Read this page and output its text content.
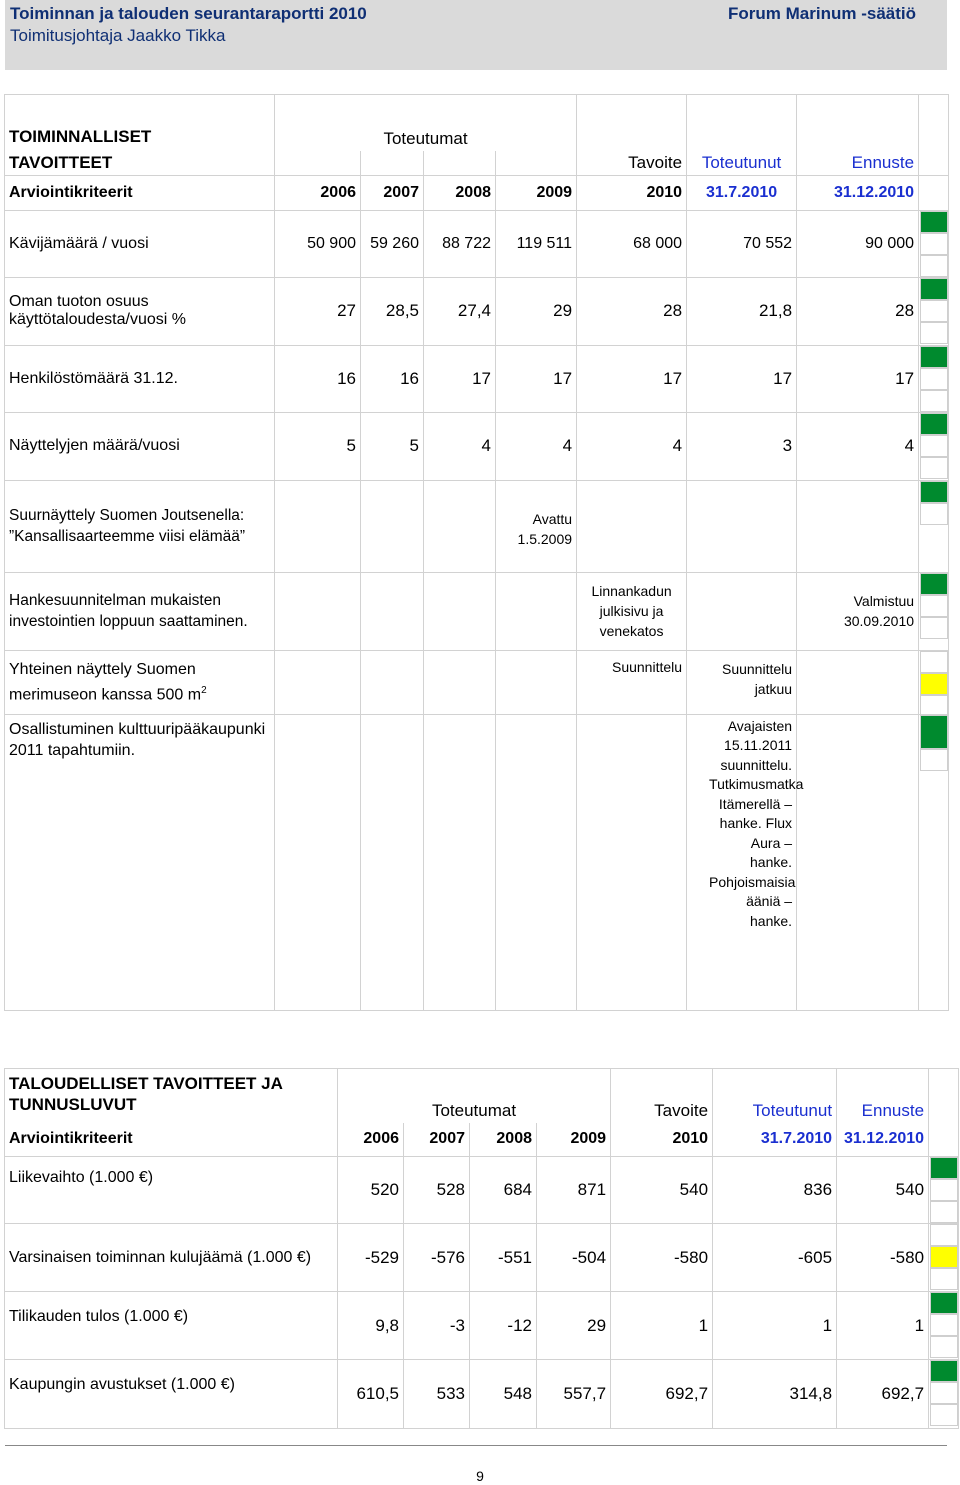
Toiminnan ja talouden seurantaraportti 2010
Toimitusjohtaja Jaakko Tikka
Forum Marinum -säätiö
TOIMINNALLISET	Toteutumat							
TAVOITTEET					Tavoite	Toteutunut	Ennuste	
Arviointikriteerit	2006	2007	2008	2009	2010	31.7.2010	31.12.2010	
Kävijämäärä / vuosi	50 900	59 260	88 722	119 511	68 000	70 552	90 000	

Oman tuoton osuus käyttötaloudesta/vuosi %	27	28,5	27,4	29	28	21,8	28	

Henkilöstömäärä 31.12.	16	16	17	17	17	17	17	

Näyttelyjen määrä/vuosi	5	5	4	4	4	3	4	

Suurnäyttely Suomen Joutsenella: ”Kansallisaarteemme viisi elämää”				Avattu 1.5.2009				

Hankesuunnitelman mukaisten investointien loppuun saattaminen.					Linnankadun julkisivu ja venekatos		Valmistuu 30.09.2010	

Yhteinen näyttely Suomen merimuseon kanssa 500 $m^2$					Suunnittelu	Suunnittelu jatkuu		

Osallistuminen kulttuuripääkaupunki 2011 tapahtumiin.						Avajaisten 15.11.2011 suunnittelu. Tutkimusmatka Itämerellä –hanke. Flux Aura –hanke. Pohjoismaisia ääniä –hanke.		
TALOUDELLISET TAVOITTEET JA TUNNUSLUVUT	Toteutumat				Tavoite	Toteutunut	Ennuste	
Arviointikriteerit	2006	2007	2008	2009	2010	31.7.2010	31.12.2010	
Liikevaihto (1.000 €)	520	528	684	871	540	836	540	

Varsinaisen toiminnan kulujäämä (1.000 €)	-529	-576	-551	-504	-580	-605	-580	

Tilikauden tulos (1.000 €)	9,8	-3	-12	29	1	1	1	

Kaupungin avustukset (1.000 €)	610,5	533	548	557,7	692,7	314,8	692,7	
9
